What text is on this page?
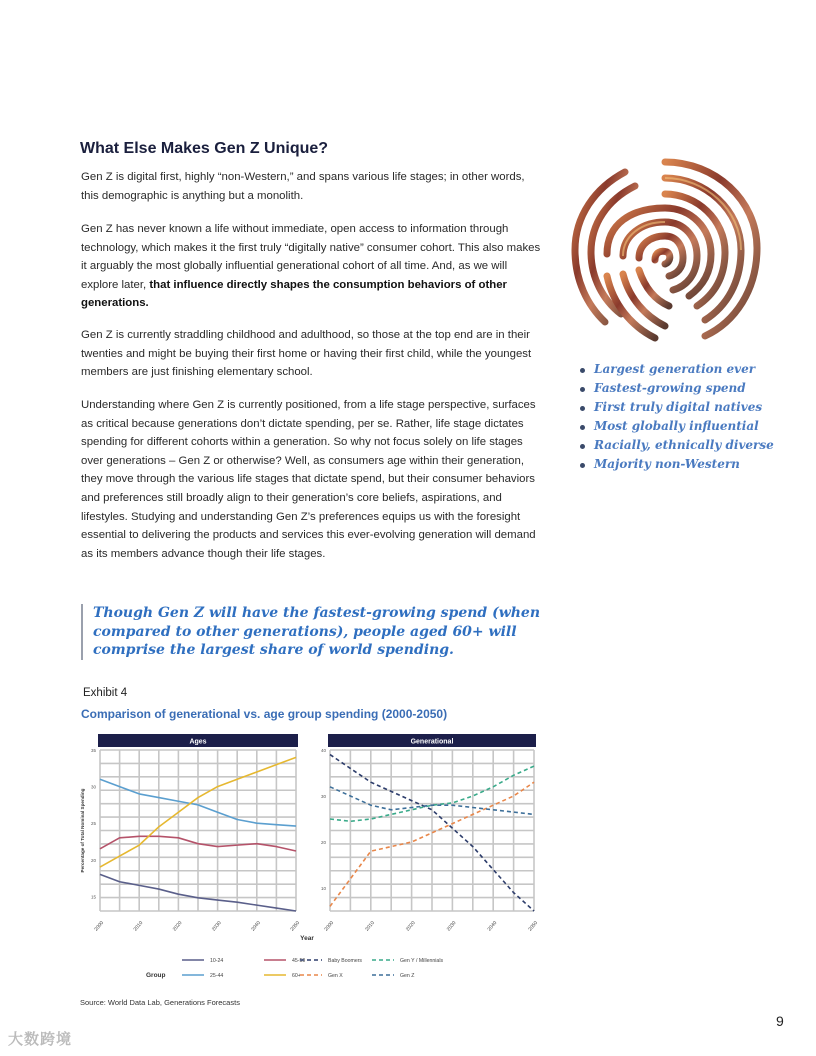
What Else Makes Gen Z Unique?

Gen Z is digital first, highly “non-Western,” and spans various life stages; in other words, this demographic is anything but a monolith.

Gen Z has never known a life without immediate, open access to information through technology, which makes it the first truly “digitally native” consumer cohort. This also makes it arguably the most globally influential generational cohort of all time. And, as we will explore later, that influence directly shapes the consumption behaviors of other generations.

Gen Z is currently straddling childhood and adulthood, so those at the top end are in their twenties and might be buying their first home or having their first child, while the youngest members are just finishing elementary school.

Understanding where Gen Z is currently positioned, from a life stage perspective, surfaces as critical because generations don’t dictate spending, per se. Rather, life stage dictates spending for different cohorts within a generation. So why not focus solely on life stages over generations – Gen Z or otherwise? Well, as consumers age within their generation, they move through the various life stages that dictate spend, but their consumer behaviors and preferences still broadly align to their generation’s core beliefs, aspirations, and lifestyles. Studying and understanding Gen Z’s preferences equips us with the foresight essential to delivering the products and services this ever-evolving generation will demand as its members advance though their life stages.

Though Gen Z will have the fastest-growing spend (when compared to other generations), people aged 60+ will comprise the largest share of world spending.
Largest generation ever
Fastest-growing spend
First truly digital natives
Most globally influential
Racially, ethnically diverse
Majority non-Western
Exhibit 4
Comparison of generational vs. age group spending (2000-2050)
Ages
15
20
25
30
35
2000	2010	2020	2030	2040	2050
Percentage of Total Nominal Spending
Generational
10
20
30
40
2000	2010	2020	2030	2040	2050
Year
Group
10-24	45-59	Baby Boomers	Gen Y / Millennials
25-44	60+	Gen X	Gen Z
Source: World Data Lab, Generations Forecasts
9
大数跨境
